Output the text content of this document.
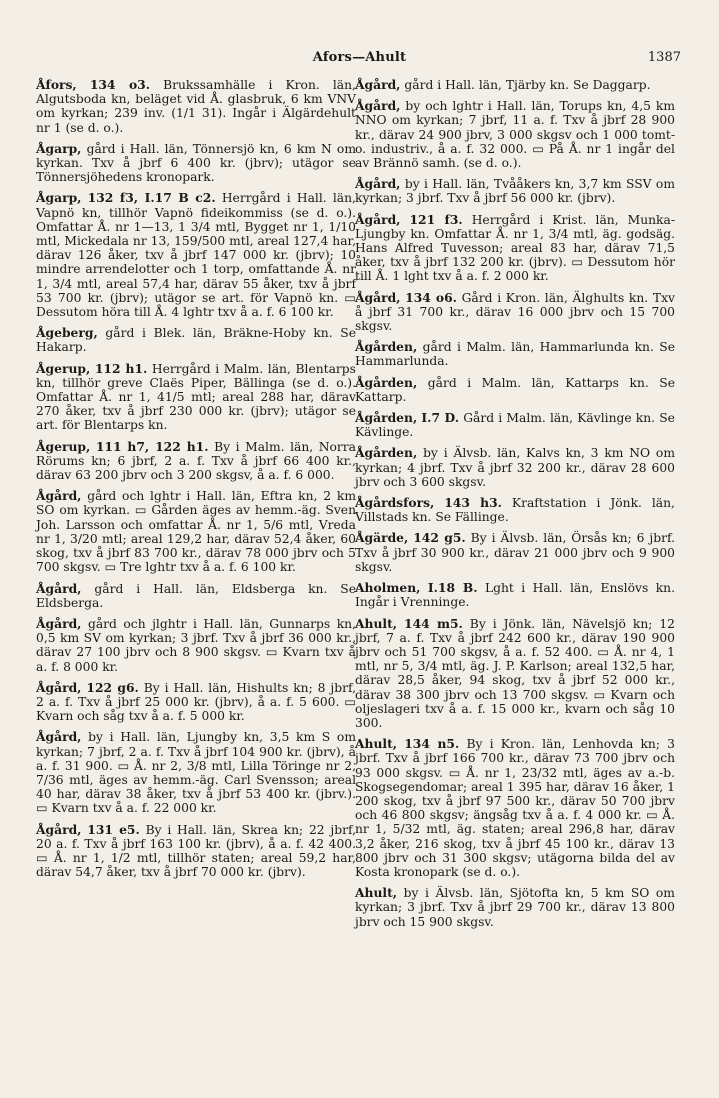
Afors—Ahult	1387

Åfors, 134 o3. Brukssamhälle i Kron. län, Algutsboda kn, beläget vid Å. glasbruk, 6 km VNV om kyrkan; 239 inv. (1/1 31). Ingår i Älgärdehult nr 1 (se d. o.).

Ågarp, gård i Hall. län, Tönnersjö kn, 6 km N om kyrkan. Txv å jbrf 6 400 kr. (jbrv); utägor se Tönnersjöhedens kronopark.

Ågarp, 132 f3, I.17 B c2. Herrgård i Hall. län, Vapnö kn, tillhör Vapnö fideikommiss (se d. o.). Omfattar Å. nr 1—13, 1 3/4 mtl, Bygget nr 1, 1/10 mtl, Mickedala nr 13, 159/500 mtl, areal 127,4 har, därav 126 åker, txv å jbrf 147 000 kr. (jbrv); 10 mindre arrendelotter och 1 torp, omfattande Å. nr 1, 3/4 mtl, areal 57,4 har, därav 55 åker, txv å jbrf 53 700 kr. (jbrv); utägor se art. för Vapnö kn. ▭ Dessutom höra till Å. 4 lghtr txv å a. f. 6 100 kr.

Ågeberg, gård i Blek. län, Bräkne-Hoby kn. Se Hakarp.

Ågerup, 112 h1. Herrgård i Malm. län, Blentarps kn, tillhör greve Claës Piper, Bällinga (se d. o.). Omfattar Å. nr 1, 41/5 mtl; areal 288 har, därav 270 åker, txv å jbrf 230 000 kr. (jbrv); utägor se art. för Blentarps kn.

Ågerup, 111 h7, 122 h1. By i Malm. län, Norra Rörums kn; 6 jbrf, 2 a. f. Txv å jbrf 66 400 kr., därav 63 200 jbrv och 3 200 skgsv, å a. f. 6 000.

Ågård, gård och lghtr i Hall. län, Eftra kn, 2 km SO om kyrkan. ▭ Gården äges av hemm.-äg. Sven Joh. Larsson och omfattar Å. nr 1, 5/6 mtl, Vreda nr 1, 3/20 mtl; areal 129,2 har, därav 52,4 åker, 60 skog, txv å jbrf 83 700 kr., därav 78 000 jbrv och 5 700 skgsv. ▭ Tre lghtr txv å a. f. 6 100 kr.

Ågård, gård i Hall. län, Eldsberga kn. Se Eldsberga.

Ågård, gård och jlghtr i Hall. län, Gunnarps kn, 0,5 km SV om kyrkan; 3 jbrf. Txv å jbrf 36 000 kr., därav 27 100 jbrv och 8 900 skgsv. ▭ Kvarn txv å a. f. 8 000 kr.

Ågård, 122 g6. By i Hall. län, Hishults kn; 8 jbrf, 2 a. f. Txv å jbrf 25 000 kr. (jbrv), å a. f. 5 600. ▭ Kvarn och såg txv å a. f. 5 000 kr.

Ågård, by i Hall. län, Ljungby kn, 3,5 km S om kyrkan; 7 jbrf, 2 a. f. Txv å jbrf 104 900 kr. (jbrv), å a. f. 31 900. ▭ Å. nr 2, 3/8 mtl, Lilla Töringe nr 2, 7/36 mtl, äges av hemm.-äg. Carl Svensson; areal 40 har, därav 38 åker, txv å jbrf 53 400 kr. (jbrv.). ▭ Kvarn txv å a. f. 22 000 kr.

Ågård, 131 e5. By i Hall. län, Skrea kn; 22 jbrf, 20 a. f. Txv å jbrf 163 100 kr. (jbrv), å a. f. 42 400. ▭ Å. nr 1, 1/2 mtl, tillhör staten; areal 59,2 har, därav 54,7 åker, txv å jbrf 70 000 kr. (jbrv).

Ågård, gård i Hall. län, Tjärby kn. Se Daggarp.

Ågård, by och lghtr i Hall. län, Torups kn, 4,5 km NNO om kyrkan; 7 jbrf, 11 a. f. Txv å jbrf 28 900 kr., därav 24 900 jbrv, 3 000 skgsv och 1 000 tomt- o. industriv., å a. f. 32 000. ▭ På Å. nr 1 ingår del av Brännö samh. (se d. o.).

Ågård, by i Hall. län, Tvååkers kn, 3,7 km SSV om kyrkan; 3 jbrf. Txv å jbrf 56 000 kr. (jbrv).

Ågård, 121 f3. Herrgård i Krist. län, Munka-Ljungby kn. Omfattar Å. nr 1, 3/4 mtl, äg. godsäg. Hans Alfred Tuvesson; areal 83 har, därav 71,5 åker, txv å jbrf 132 200 kr. (jbrv). ▭ Dessutom hör till Å. 1 lght txv å a. f. 2 000 kr.

Ågård, 134 o6. Gård i Kron. län, Älghults kn. Txv å jbrf 31 700 kr., därav 16 000 jbrv och 15 700 skgsv.

Ågården, gård i Malm. län, Hammarlunda kn. Se Hammarlunda.

Ågården, gård i Malm. län, Kattarps kn. Se Kattarp.

Ågården, I.7 D. Gård i Malm. län, Kävlinge kn. Se Kävlinge.

Ågården, by i Älvsb. län, Kalvs kn, 3 km NO om kyrkan; 4 jbrf. Txv å jbrf 32 200 kr., därav 28 600 jbrv och 3 600 skgsv.

Ågårdsfors, 143 h3. Kraftstation i Jönk. län, Villstads kn. Se Fällinge.

Ågärde, 142 g5. By i Älvsb. län, Örsås kn; 6 jbrf. Txv å jbrf 30 900 kr., därav 21 000 jbrv och 9 900 skgsv.

Aholmen, I.18 B. Lght i Hall. län, Enslövs kn. Ingår i Vrenninge.

Ahult, 144 m5. By i Jönk. län, Nävelsjö kn; 12 jbrf, 7 a. f. Txv å jbrf 242 600 kr., därav 190 900 jbrv och 51 700 skgsv, å a. f. 52 400. ▭ Å. nr 4, 1 mtl, nr 5, 3/4 mtl, äg. J. P. Karlson; areal 132,5 har, därav 28,5 åker, 94 skog, txv å jbrf 52 000 kr., därav 38 300 jbrv och 13 700 skgsv. ▭ Kvarn och oljeslageri txv å a. f. 15 000 kr., kvarn och såg 10 300.

Ahult, 134 n5. By i Kron. län, Lenhovda kn; 3 jbrf. Txv å jbrf 166 700 kr., därav 73 700 jbrv och 93 000 skgsv. ▭ Å. nr 1, 23/32 mtl, äges av a.-b. Skogsegendomar; areal 1 395 har, därav 16 åker, 1 200 skog, txv å jbrf 97 500 kr., därav 50 700 jbrv och 46 800 skgsv; ängsåg txv å a. f. 4 000 kr. ▭ Å. nr 1, 5/32 mtl, äg. staten; areal 296,8 har, därav 3,2 åker, 216 skog, txv å jbrf 45 100 kr., därav 13 800 jbrv och 31 300 skgsv; utägorna bilda del av Kosta kronopark (se d. o.).

Ahult, by i Älvsb. län, Sjötofta kn, 5 km SO om kyrkan; 3 jbrf. Txv å jbrf 29 700 kr., därav 13 800 jbrv och 15 900 skgsv.
